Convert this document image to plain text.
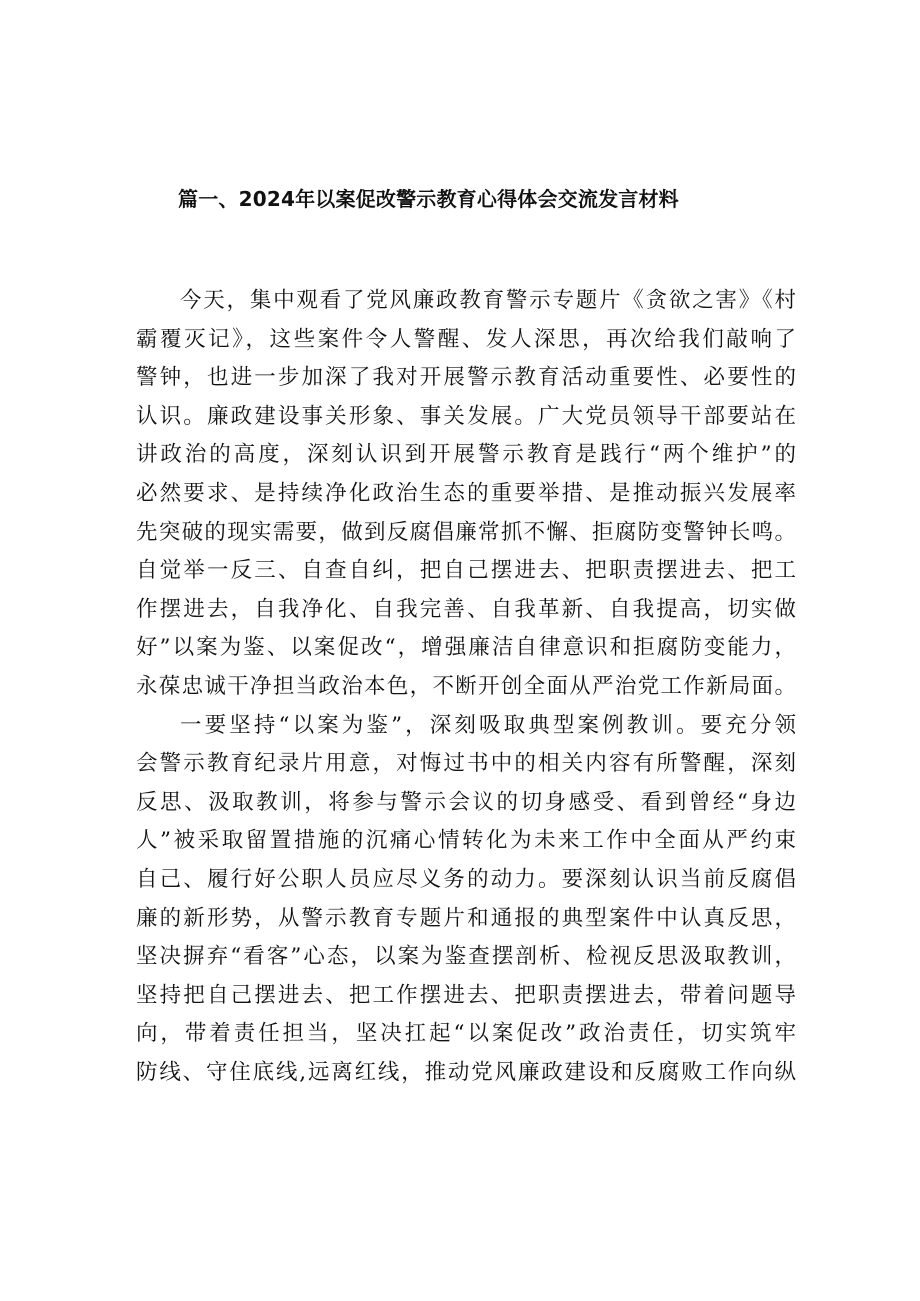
篇一、2024年以案促改警示教育心得体会交流发言材料
今天，集中观看了党风廉政教育警示专题片《贪欲之害》《村
霸覆灭记》，这些案件令人警醒、发人深思，再次给我们敲响了
警钟，也进一步加深了我对开展警示教育活动重要性、必要性的
认识。廉政建设事关形象、事关发展。广大党员领导干部要站在
讲政治的高度，深刻认识到开展警示教育是践行“两个维护”的
必然要求、是持续净化政治生态的重要举措、是推动振兴发展率
先突破的现实需要，做到反腐倡廉常抓不懈、拒腐防变警钟长鸣。
自觉举一反三、自查自纠，把自己摆进去、把职责摆进去、把工
作摆进去，自我净化、自我完善、自我革新、自我提高，切实做
好”以案为鉴、以案促改“，增强廉洁自律意识和拒腐防变能力，
永葆忠诚干净担当政治本色，不断开创全面从严治党工作新局面。
一要坚持“以案为鉴”，深刻吸取典型案例教训。要充分领
会警示教育纪录片用意，对悔过书中的相关内容有所警醒，深刻
反思、汲取教训，将参与警示会议的切身感受、看到曾经“身边
人”被采取留置措施的沉痛心情转化为未来工作中全面从严约束
自己、履行好公职人员应尽义务的动力。要深刻认识当前反腐倡
廉的新形势，从警示教育专题片和通报的典型案件中认真反思，
坚决摒弃“看客”心态，以案为鉴查摆剖析、检视反思汲取教训，
坚持把自己摆进去、把工作摆进去、把职责摆进去，带着问题导
向，带着责任担当，坚决扛起“以案促改”政治责任，切实筑牢
防线、守住底线,远离红线，推动党风廉政建设和反腐败工作向纵
